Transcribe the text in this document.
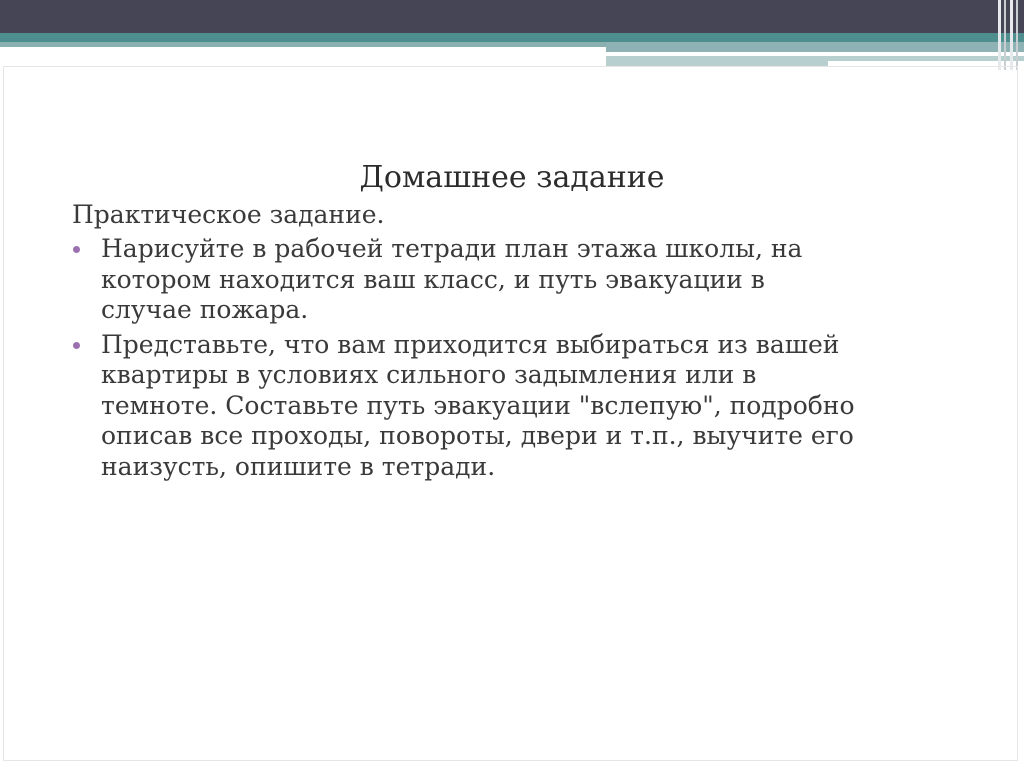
Домашнее задание

Практическое задание.

Нарисуйте в рабочей тетради план этажа школы, на
котором находится ваш класс, и путь эвакуации в
случае пожара.
Представьте, что вам приходится выбираться из вашей
квартиры в условиях сильного задымления или в
темноте. Составьте путь эвакуации "вслепую", подробно
описав все проходы, повороты, двери и т.п., выучите его
наизусть, опишите в тетради.
